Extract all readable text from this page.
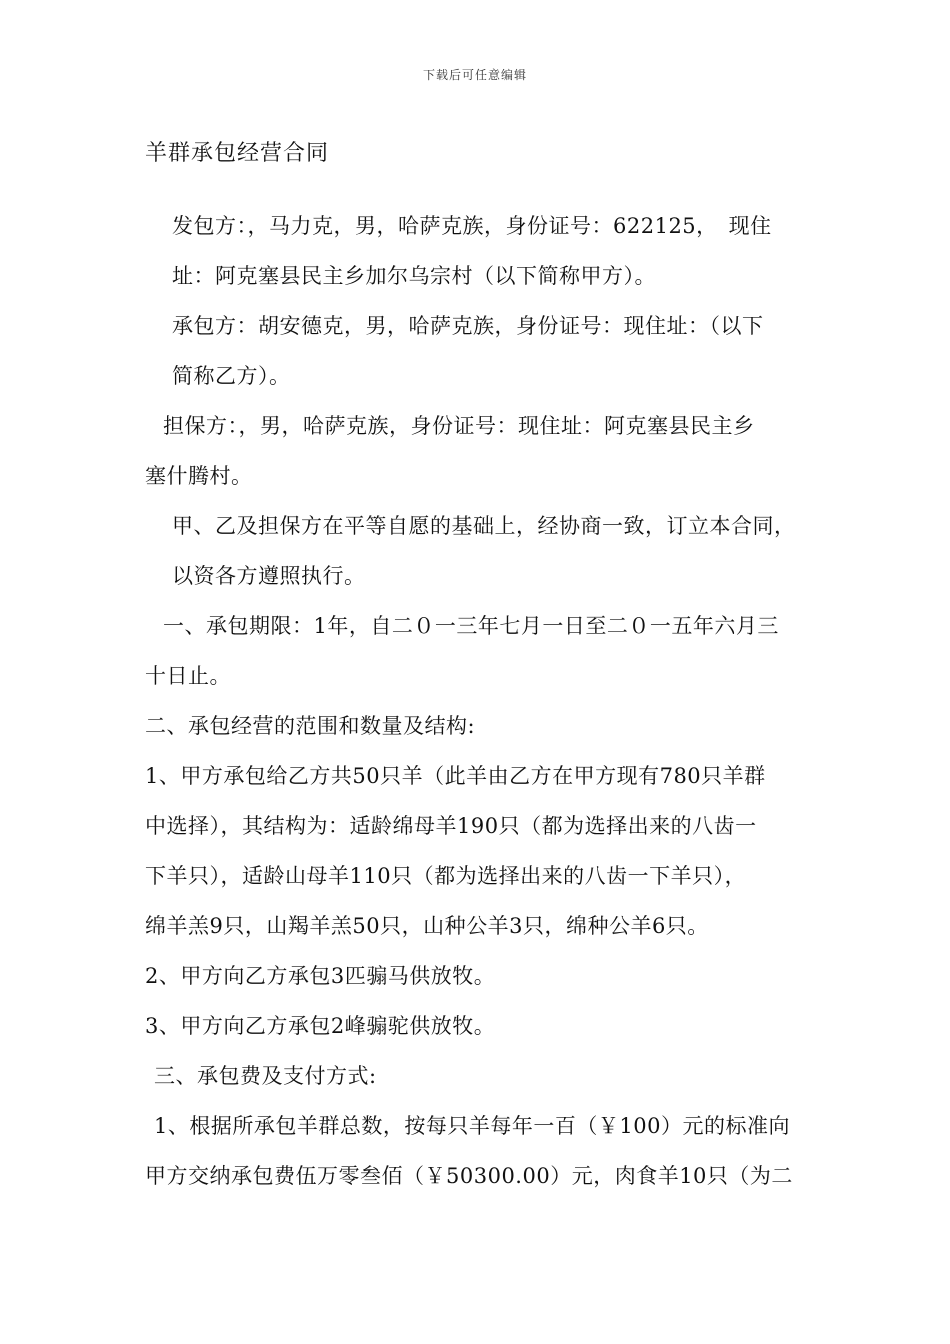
下载后可任意编辑
羊群承包经营合同
发包方：，马力克，男，哈萨克族，身份证号：622125，　现住
址：阿克塞县民主乡加尔乌宗村（以下简称甲方）。
承包方：胡安德克，男，哈萨克族，身份证号：现住址：（以下
简称乙方）。
担保方：，男，哈萨克族，身份证号：现住址：阿克塞县民主乡
塞什腾村。
甲、乙及担保方在平等自愿的基础上，经协商一致，订立本合同，
以资各方遵照执行。
一、承包期限：1年，自二０一三年七月一日至二０一五年六月三
十日止。
二、承包经营的范围和数量及结构:
1、甲方承包给乙方共50只羊（此羊由乙方在甲方现有780只羊群
中选择），其结构为：适龄绵母羊190只（都为选择出来的八齿一
下羊只），适龄山母羊110只（都为选择出来的八齿一下羊只），
绵羊羔9只，山羯羊羔50只，山种公羊3只，绵种公羊6只。
2、甲方向乙方承包3匹骟马供放牧。
3、甲方向乙方承包2峰骟驼供放牧。
三、承包费及支付方式:
1、根据所承包羊群总数，按每只羊每年一百（￥100）元的标准向
甲方交纳承包费伍万零叁佰（￥50300.00）元，肉食羊10只（为二
